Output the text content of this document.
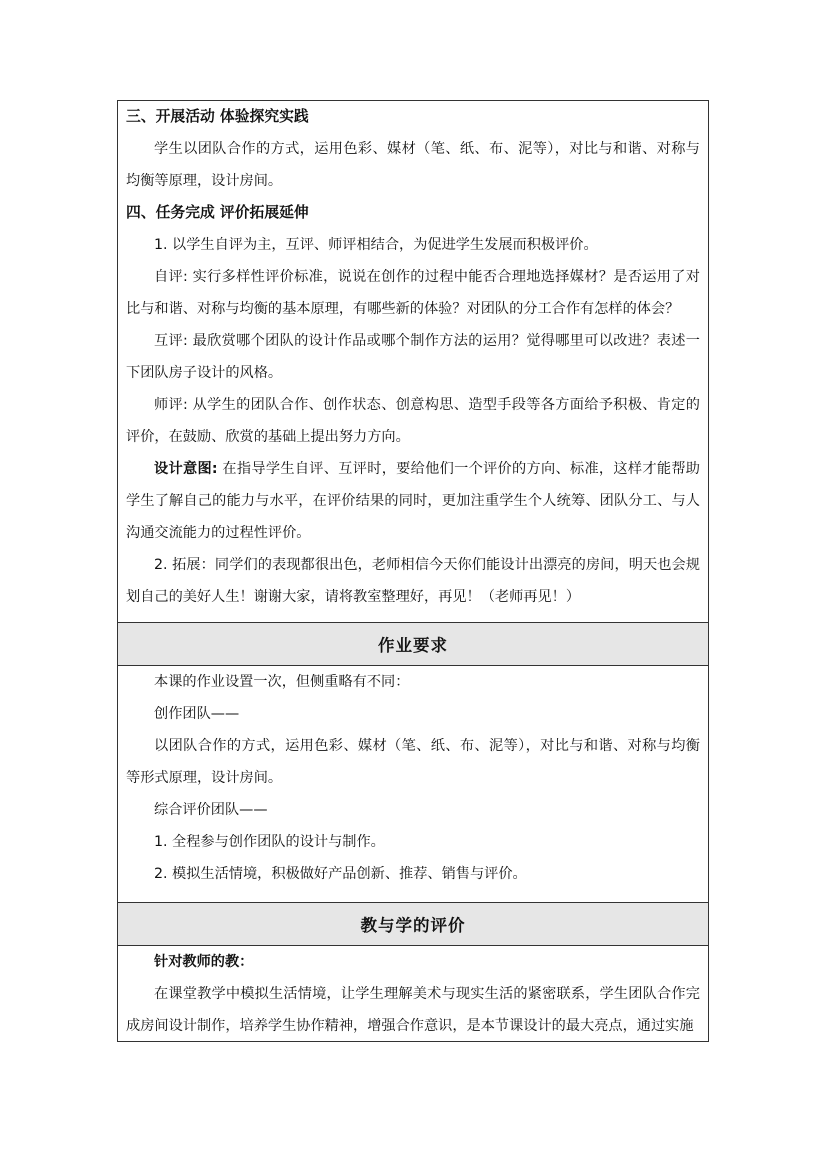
三、开展活动 体验探究实践

学生以团队合作的方式，运用色彩、媒材（笔、纸、布、泥等），对比与和谐、对称与均衡等原理，设计房间。

四、任务完成 评价拓展延伸

1. 以学生自评为主，互评、师评相结合，为促进学生发展而积极评价。

自评: 实行多样性评价标准，说说在创作的过程中能否合理地选择媒材？是否运用了对比与和谐、对称与均衡的基本原理，有哪些新的体验？对团队的分工合作有怎样的体会？

互评: 最欣赏哪个团队的设计作品或哪个制作方法的运用？觉得哪里可以改进？表述一下团队房子设计的风格。

师评: 从学生的团队合作、创作状态、创意构思、造型手段等各方面给予积极、肯定的评价，在鼓励、欣赏的基础上提出努力方向。

设计意图: 在指导学生自评、互评时，要给他们一个评价的方向、标准，这样才能帮助学生了解自己的能力与水平，在评价结果的同时，更加注重学生个人统筹、团队分工、与人沟通交流能力的过程性评价。

2. 拓展：同学们的表现都很出色，老师相信今天你们能设计出漂亮的房间，明天也会规划自己的美好人生！谢谢大家，请将教室整理好，再见！（老师再见！）

作业要求

本课的作业设置一次，但侧重略有不同：

创作团队——

以团队合作的方式，运用色彩、媒材（笔、纸、布、泥等），对比与和谐、对称与均衡等形式原理，设计房间。

综合评价团队——

1. 全程参与创作团队的设计与制作。

2. 模拟生活情境，积极做好产品创新、推荐、销售与评价。

教与学的评价

针对教师的教：

在课堂教学中模拟生活情境，让学生理解美术与现实生活的紧密联系，学生团队合作完成房间设计制作，培养学生协作精神，增强合作意识，是本节课设计的最大亮点，通过实施
